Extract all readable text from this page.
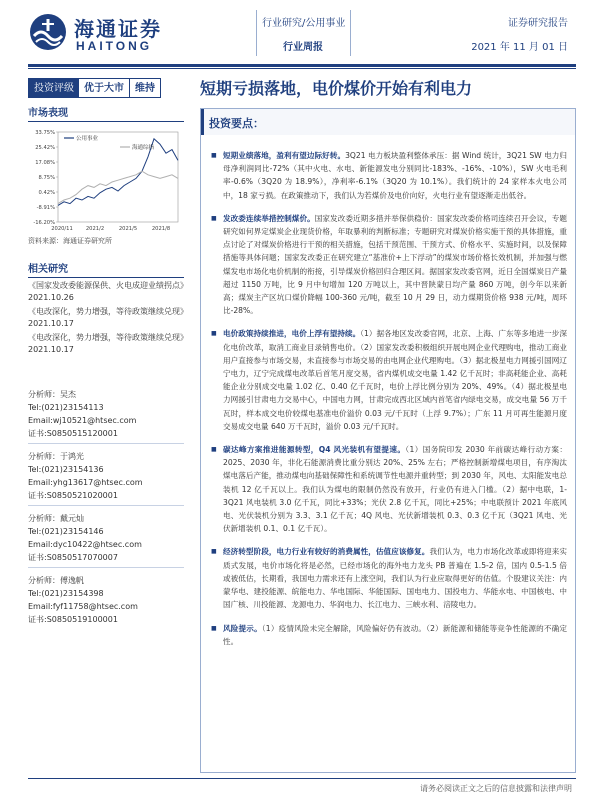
海通证券
HAITONG
行业研究/公用事业
行业周报
证券研究报告
2021 年 11 月 01 日
投资评级	优于大市	维持	短期亏损落地，电价煤价开始有利电力
市场表现
33.75%
25.42%
17.08%
8.75%
0.42%
-8.91%
-16.20%
2020/11	2021/2	2021/5	2021/8
公用事业
海通综指
资料来源：海通证券研究所
相关研究
《国家发改委能源保供、火电成迎业绩拐点》2021.10.26
《电改深化，势力增强，等待政策继续兑现》2021.10.17
《电改深化，势力增强，等待政策继续兑现》2021.10.17
分析师：吴杰
Tel:(021)23154113
Email:wj10521@htsec.com
证书:S0850515120001
分析师：于鸿光
Tel:(021)23154136
Email:yhg13617@htsec.com
证书:S0850521020001
分析师：戴元灿
Tel:(021)23154146
Email:dyc10422@htsec.com
证书:S0850517070007
分析师：傅逸帆
Tel:(021)23154398
Email:fyf11758@htsec.com
证书:S0850519100001
投资要点：
■ 短期业绩落地，盈利有望边际好转。3Q21 电力板块盈利整体承压：据 Wind 统计，3Q21 SW 电力归母净利润同比-72%（其中火电、水电、新能源发电分别同比-183%、-16%、-10%），SW 火电毛利率-0.6%（3Q20 为 18.9%），净利率-6.1%（3Q20 为 10.1%）。我们统计的 24 家样本火电公司中，18 家亏损。在政策推动下，我们认为若煤价及电价向好，火电行业有望逐渐走出低谷。
■ 发改委连续举措控制煤价。国家发改委近期多措并举保供稳价：国家发改委价格司连续召开会议，专题研究如何界定煤炭企业现货价格，年取暴利的判断标准；专题研究对煤炭价格实施干预的具体措施，重点讨论了对煤炭价格进行干预的相关措施，包括干预范围、干预方式、价格水平、实施时间，以及保障措施等具体问题；国家发改委正在研究建立“基准价+上下浮动”的煤炭市场价格长效机制，并加强与燃煤发电市场化电价机制的衔接，引导煤炭价格回归合理区间。据国家发改委官网，近日全国煤炭日产量超过 1150 万吨，比 9 月中旬增加 120 万吨以上，其中晋陕蒙日均产量 860 万吨，创今年以来新高；煤炭主产区坑口煤价降幅 100-360 元/吨，截至 10 月 29 日，动力煤期货价格 938 元/吨，周环比-28%。
■ 电价政策持续推进，电价上浮有望持续。（1）据各地区发改委官网，北京、上海、广东等多地进一步深化电价改革，取消工商业目录销售电价。（2）国家发改委积极组织开展电网企业代理购电，推动工商业用户直接参与市场交易，未直接参与市场交易的由电网企业代理购电。（3）据北极星电力网援引国网辽宁电力，辽宁完成煤电改革后首笔月度交易，省内煤机成交电量 1.42 亿千瓦时；非高耗能企业、高耗能企业分别成交电量 1.02 亿、0.40 亿千瓦时，电价上浮比例分别为 20%、49%。（4）据北极星电力网援引甘肃电力交易中心，中国电力网，甘肃完成西北区域内首笔省内绿电交易，成交电量 56 万千瓦时，样本成交电价较煤电基准电价溢价 0.03 元/千瓦时（上浮 9.7%）；广东 11 月可再生能源月度交易成交电量 640 万千瓦时，溢价 0.03 元/千瓦时。
■ 碳达峰方案推进能源转型，Q4 风光装机有望提速。（1）国务院印发 2030 年前碳达峰行动方案：2025、2030 年，非化石能源消费比重分别达 20%、25% 左右；严格控制新增煤电项目，有序淘汰煤电落后产能，推动煤电向基础保障性和系统调节性电源并重转型；到 2030 年，风电、太阳能发电总装机 12 亿千瓦以上。我们认为煤电的限制仍然没有放开，行业仍有进入门槛。（2）据中电联，1-3Q21 风电装机 3.0 亿千瓦，同比+33%；光伏 2.8 亿千瓦，同比+25%；中电联预计 2021 年底风电、光伏装机分别为 3.3、3.1 亿千瓦；4Q 风电、光伏新增装机 0.3、0.3 亿千瓦（3Q21 风电、光伏新增装机 0.1、0.1 亿千瓦）。
■ 经济转型阶段，电力行业有较好的消费属性，估值应该修复。我们认为，电力市场化改革或即将迎来实质式发展，电价市场化将是必然，已经市场化的海外电力龙头 PB 普遍在 1.5-2 倍，国内 0.5-1.5 倍或被低估，长期看，我国电力需求还有上涨空间，我们认为行业应取得更好的估值。个股建议关注：内蒙华电、建投能源、皖能电力、华电国际、华能国际、国电电力、国投电力、华能水电、中国核电、中国广核、川投能源、龙源电力、华润电力、长江电力、三峡水利、涪陵电力。
■ 风险提示。（1）疫情风险未完全解除，风险偏好仍有波动。（2）新能源和储能等竞争性能源的不确定性。
请务必阅读正文之后的信息披露和法律声明
